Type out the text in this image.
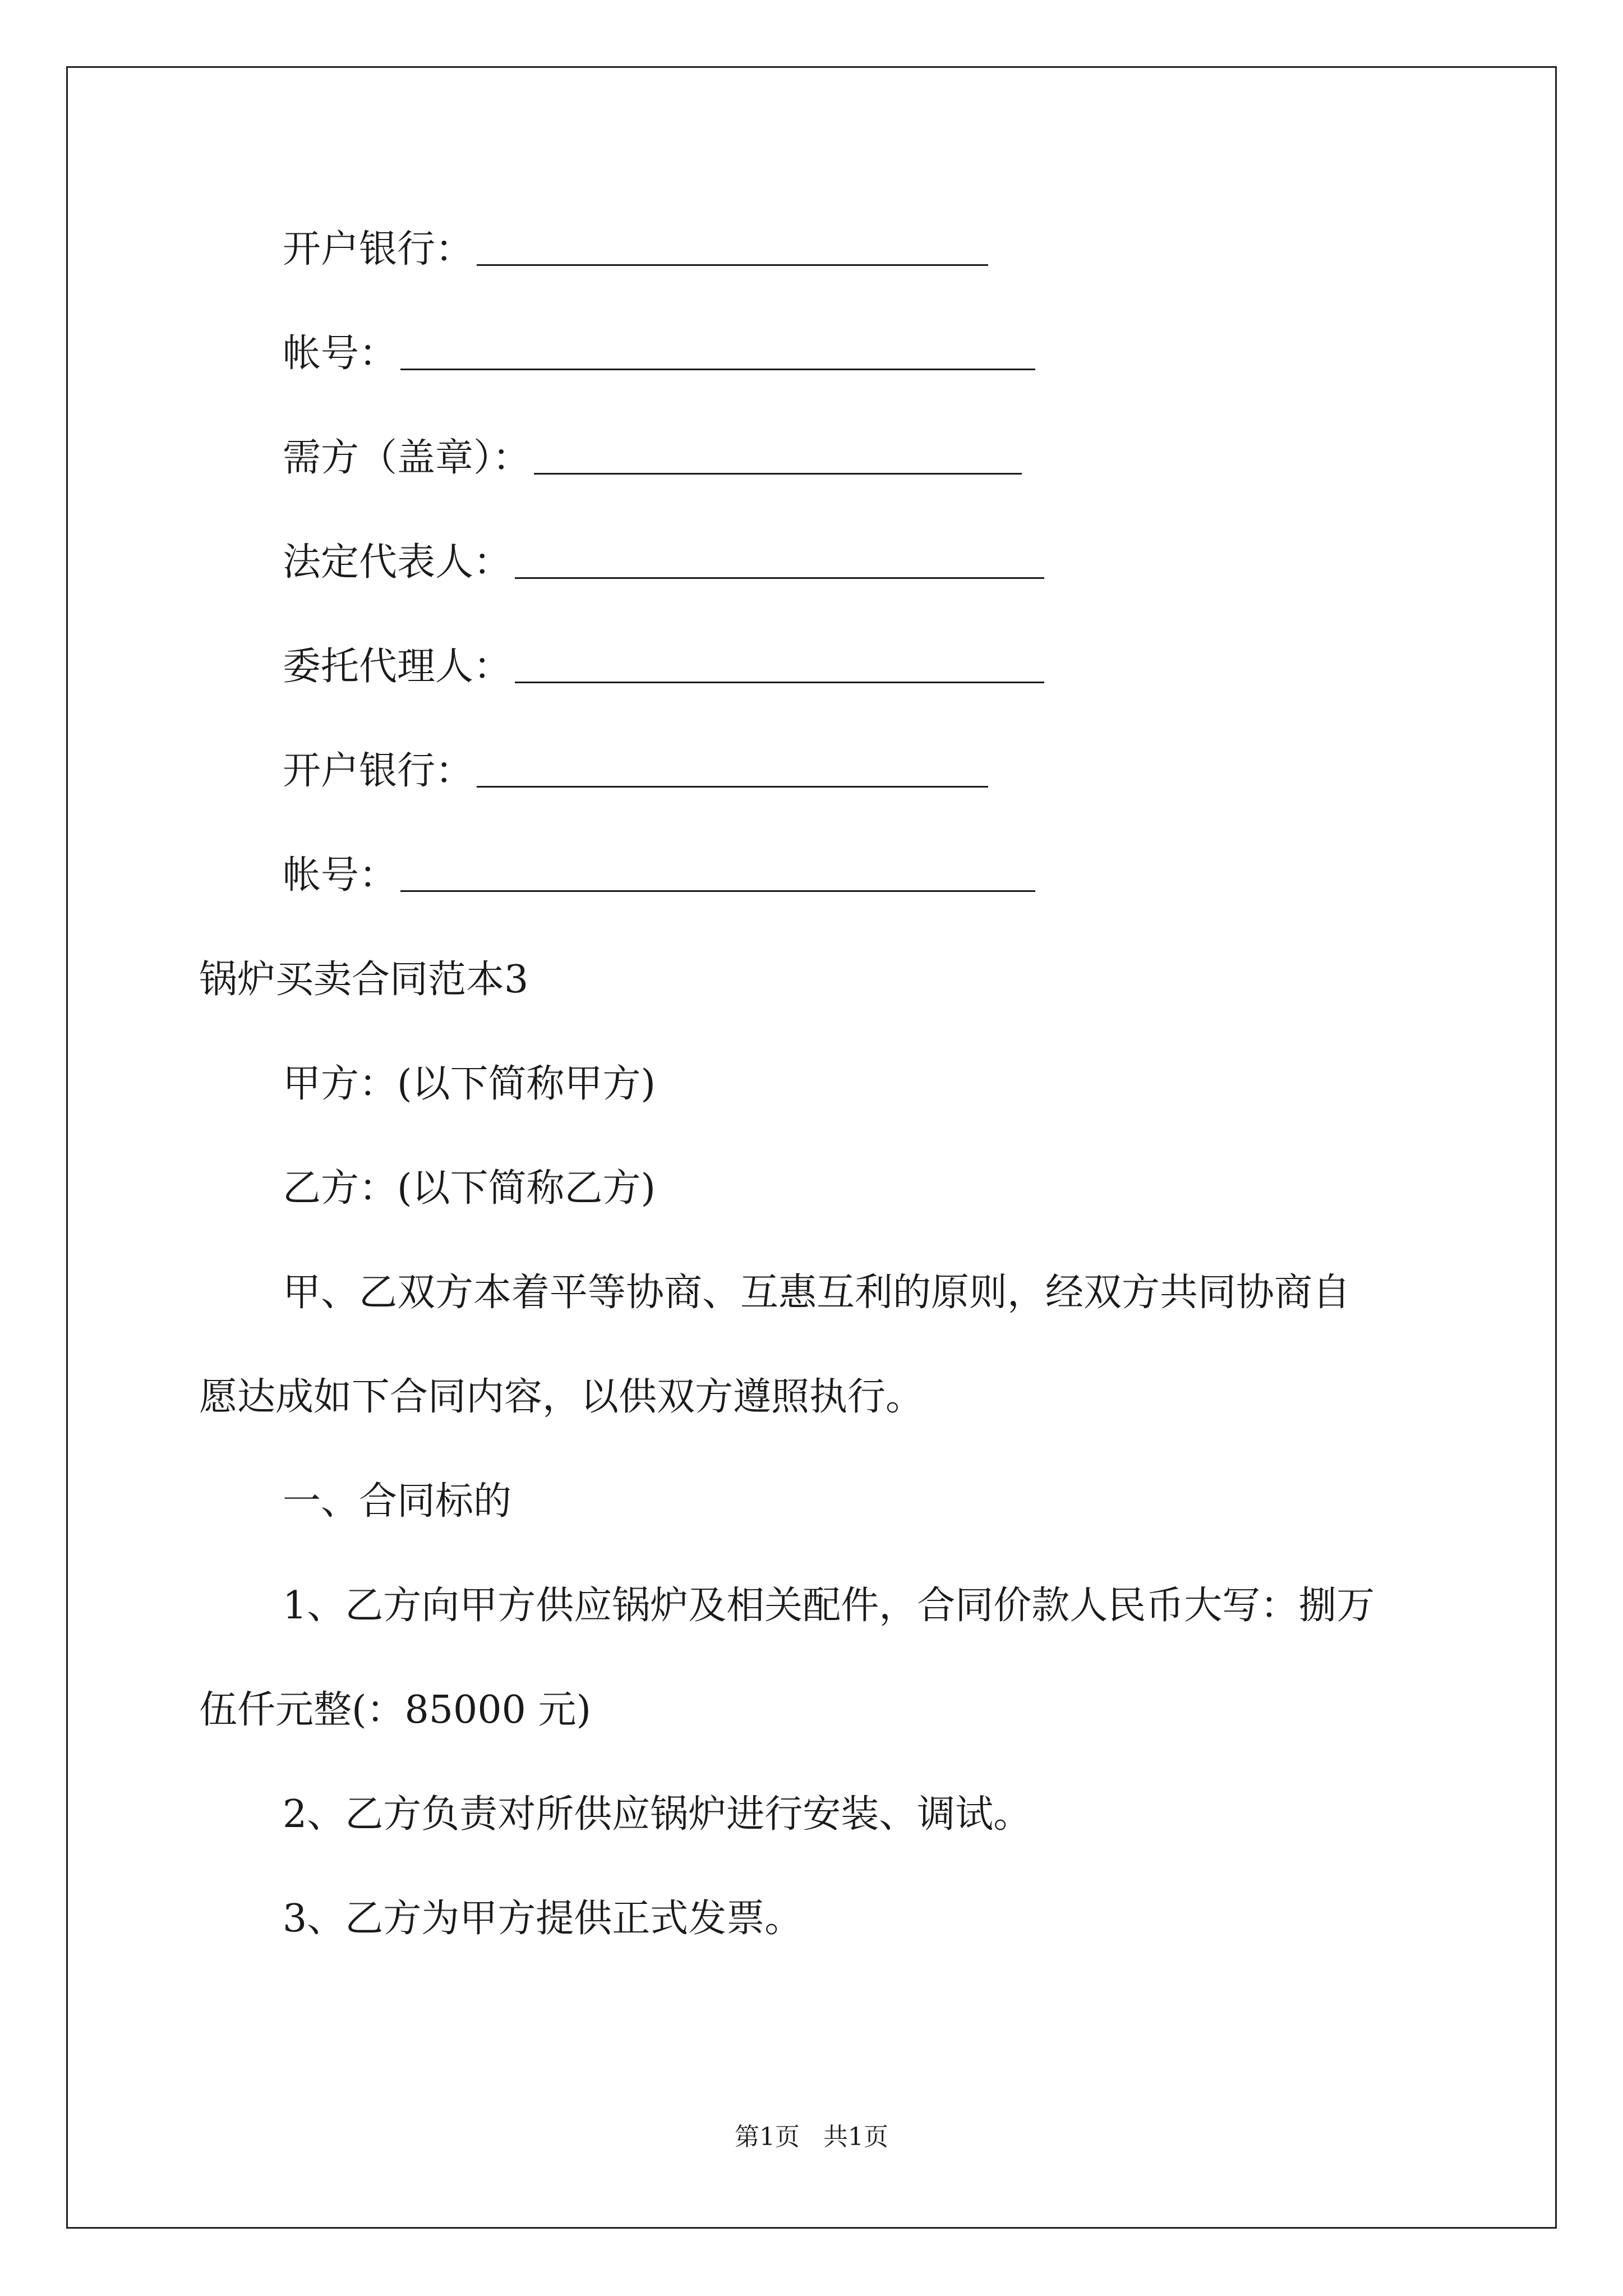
开户银行：
帐号：
需方（盖章）：
法定代表人：
委托代理人：
开户银行：
帐号：
锅炉买卖合同范本3
甲方：(以下简称甲方)
乙方：(以下简称乙方)
甲、乙双方本着平等协商、互惠互利的原则，经双方共同协商自
愿达成如下合同内容，以供双方遵照执行。
一、合同标的
1、乙方向甲方供应锅炉及相关配件，合同价款人民币大写：捌万
伍仟元整(：85000 元)
2、乙方负责对所供应锅炉进行安装、调试。
3、乙方为甲方提供正式发票。
第1页   共1页
